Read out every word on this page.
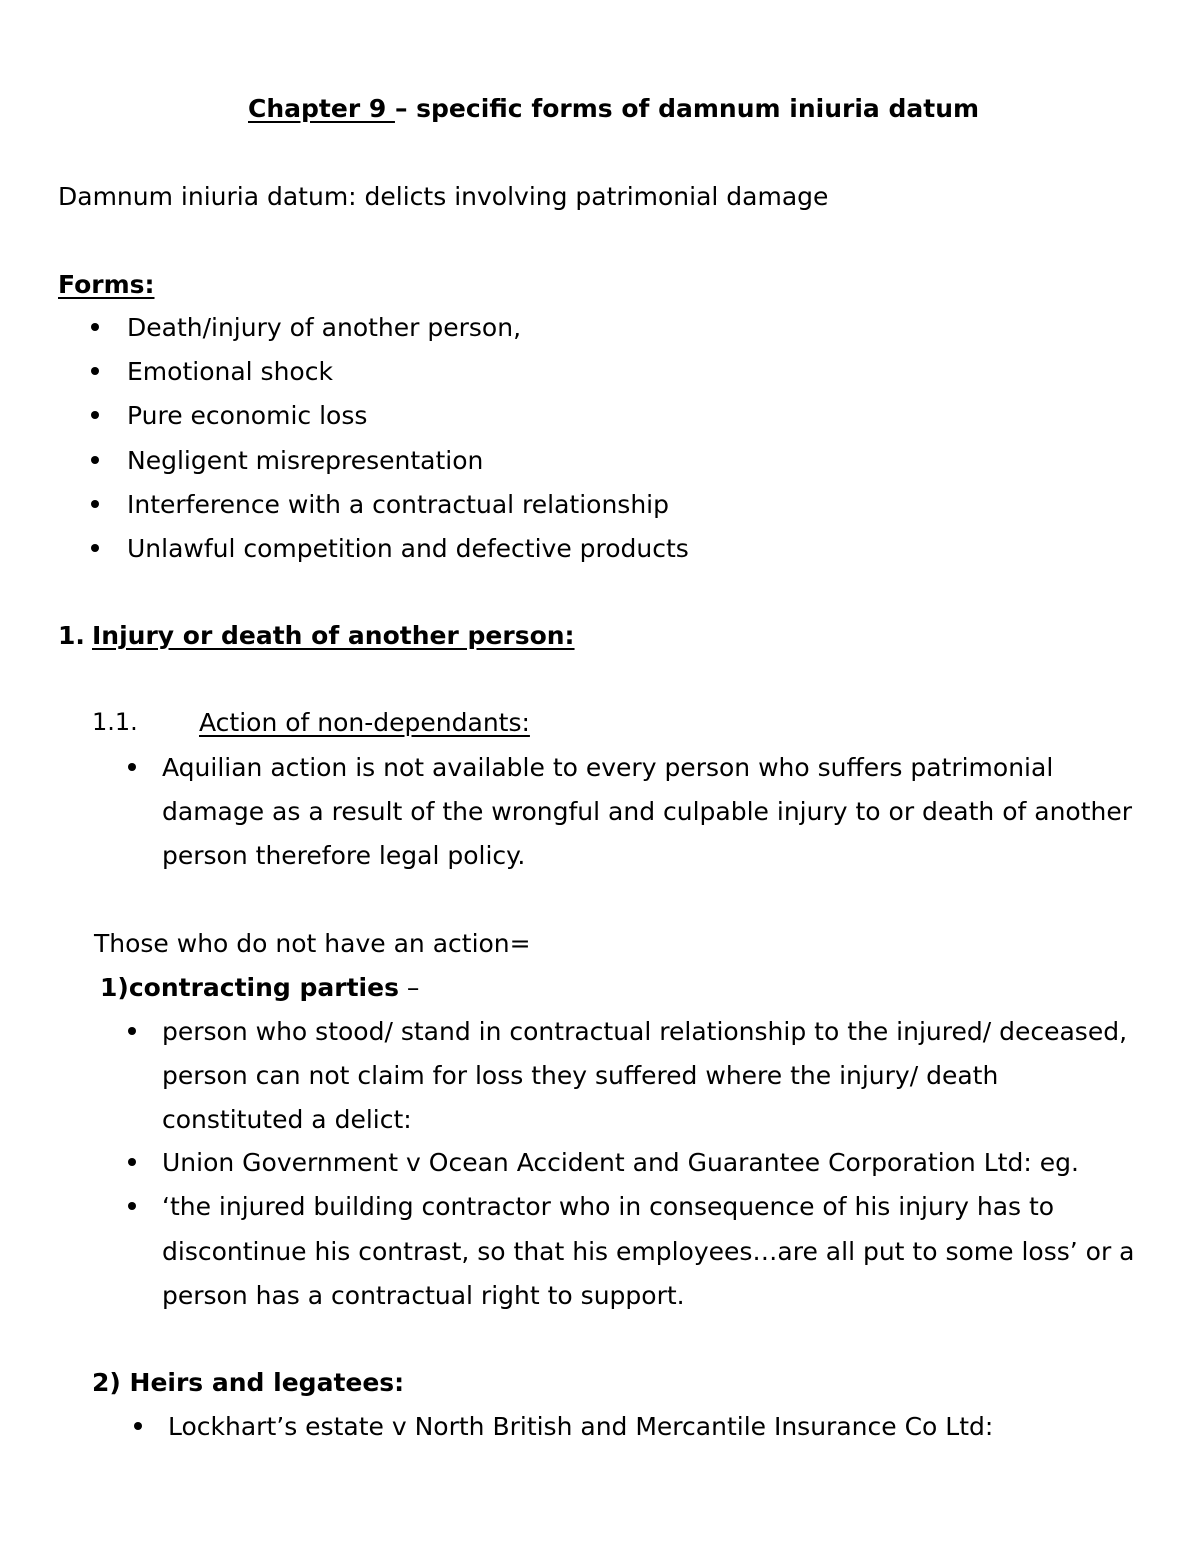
Chapter 9 – specific forms of damnum iniuria datum
Damnum iniuria datum: delicts involving patrimonial damage
Forms:
Death/injury of another person,
Emotional shock
Pure economic loss
Negligent misrepresentation
Interference with a contractual relationship
Unlawful competition and defective products
1. Injury or death of another person:
1.1. Action of non-dependants:
Aquilian action is not available to every person who suffers patrimonial
damage as a result of the wrongful and culpable injury to or death of another
person therefore legal policy.
Those who do not have an action=
1)contracting parties –
person who stood/ stand in contractual relationship to the injured/ deceased,
person can not claim for loss they suffered where the injury/ death
constituted a delict:
Union Government v Ocean Accident and Guarantee Corporation Ltd: eg.
‘the injured building contractor who in consequence of his injury has to
discontinue his contrast, so that his employees…are all put to some loss’ or a
person has a contractual right to support.
2) Heirs and legatees:
Lockhart’s estate v North British and Mercantile Insurance Co Ltd:
